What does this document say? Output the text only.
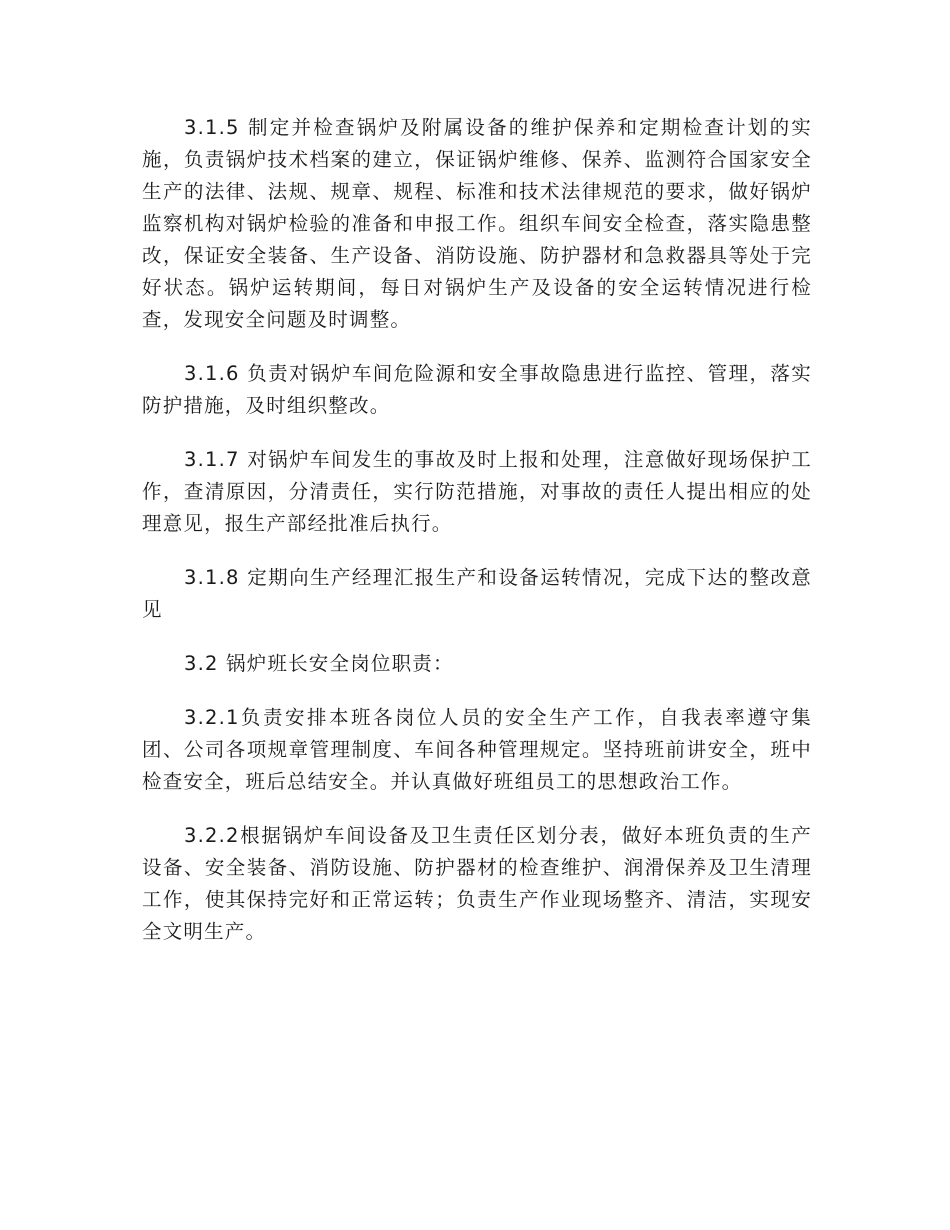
3.1.5 制定并检查锅炉及附属设备的维护保养和定期检查计划的实施，负责锅炉技术档案的建立，保证锅炉维修、保养、监测符合国家安全生产的法律、法规、规章、规程、标准和技术法律规范的要求，做好锅炉监察机构对锅炉检验的准备和申报工作。组织车间安全检查，落实隐患整改，保证安全装备、生产设备、消防设施、防护器材和急救器具等处于完好状态。锅炉运转期间，每日对锅炉生产及设备的安全运转情况进行检查，发现安全问题及时调整。

3.1.6 负责对锅炉车间危险源和安全事故隐患进行监控、管理，落实防护措施，及时组织整改。

3.1.7 对锅炉车间发生的事故及时上报和处理，注意做好现场保护工作，查清原因，分清责任，实行防范措施，对事故的责任人提出相应的处理意见，报生产部经批准后执行。

3.1.8 定期向生产经理汇报生产和设备运转情况，完成下达的整改意见

3.2 锅炉班长安全岗位职责：

3.2.1负责安排本班各岗位人员的安全生产工作，自我表率遵守集团、公司各项规章管理制度、车间各种管理规定。坚持班前讲安全，班中检查安全，班后总结安全。并认真做好班组员工的思想政治工作。

3.2.2根据锅炉车间设备及卫生责任区划分表，做好本班负责的生产设备、安全装备、消防设施、防护器材的检查维护、润滑保养及卫生清理工作，使其保持完好和正常运转；负责生产作业现场整齐、清洁，实现安全文明生产。
